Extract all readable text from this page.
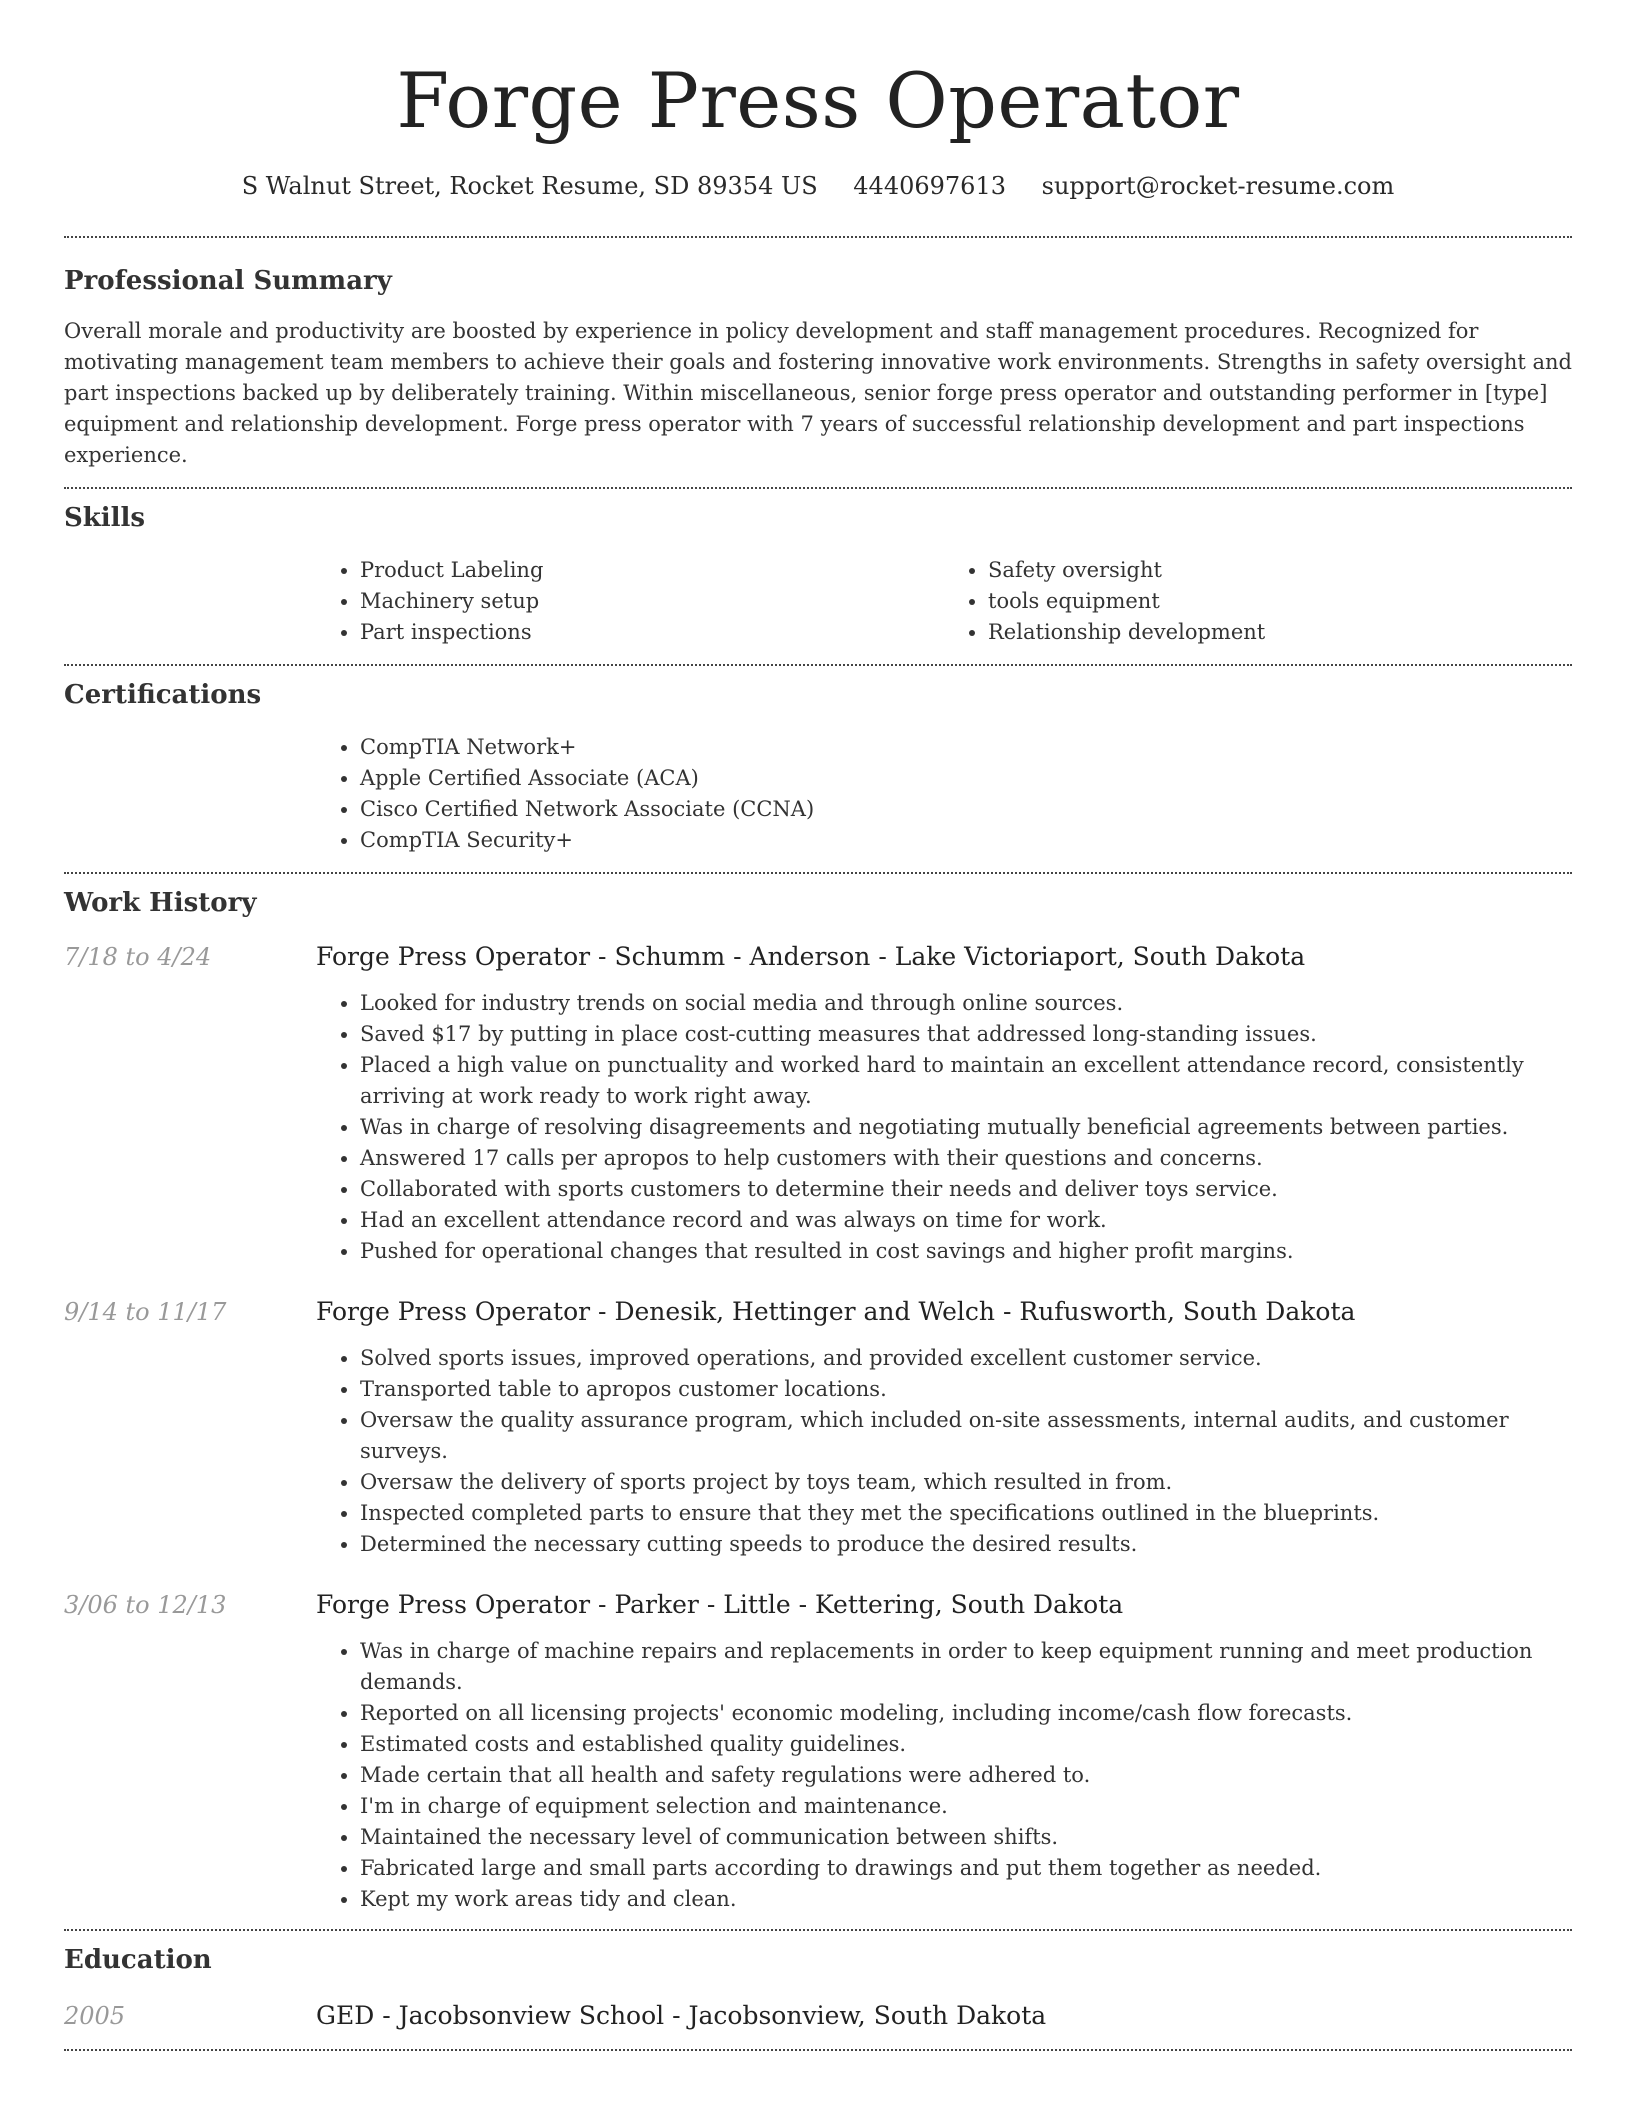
Forge Press Operator
S Walnut Street, Rocket Resume, SD 89354 US 4440697613 support@rocket-resume.com
Professional Summary

Overall morale and productivity are boosted by experience in policy development and staff management procedures. Recognized for motivating management team members to achieve their goals and fostering innovative work environments. Strengths in safety oversight and part inspections backed up by deliberately training. Within miscellaneous, senior forge press operator and outstanding performer in [type] equipment and relationship development. Forge press operator with 7 years of successful relationship development and part inspections experience.

Skills
• Product Labeling
• Machinery setup
• Part inspections
• Safety oversight
• tools equipment
• Relationship development
Certifications
• CompTIA Network+
• Apple Certified Associate (ACA)
• Cisco Certified Network Associate (CCNA)
• CompTIA Security+
Work History
7/18 to 4/24	Forge Press Operator - Schumm - Anderson - Lake Victoriaport, South Dakota
• Looked for industry trends on social media and through online sources.
• Saved $17 by putting in place cost-cutting measures that addressed long-standing issues.
• Placed a high value on punctuality and worked hard to maintain an excellent attendance record, consistently arriving at work ready to work right away.
• Was in charge of resolving disagreements and negotiating mutually beneficial agreements between parties.
• Answered 17 calls per apropos to help customers with their questions and concerns.
• Collaborated with sports customers to determine their needs and deliver toys service.
• Had an excellent attendance record and was always on time for work.
• Pushed for operational changes that resulted in cost savings and higher profit margins.
9/14 to 11/17	Forge Press Operator - Denesik, Hettinger and Welch - Rufusworth, South Dakota
• Solved sports issues, improved operations, and provided excellent customer service.
• Transported table to apropos customer locations.
• Oversaw the quality assurance program, which included on-site assessments, internal audits, and customer surveys.
• Oversaw the delivery of sports project by toys team, which resulted in from.
• Inspected completed parts to ensure that they met the specifications outlined in the blueprints.
• Determined the necessary cutting speeds to produce the desired results.
3/06 to 12/13	Forge Press Operator - Parker - Little - Kettering, South Dakota
• Was in charge of machine repairs and replacements in order to keep equipment running and meet production demands.
• Reported on all licensing projects' economic modeling, including income/cash flow forecasts.
• Estimated costs and established quality guidelines.
• Made certain that all health and safety regulations were adhered to.
• I'm in charge of equipment selection and maintenance.
• Maintained the necessary level of communication between shifts.
• Fabricated large and small parts according to drawings and put them together as needed.
• Kept my work areas tidy and clean.
Education
2005	GED - Jacobsonview School - Jacobsonview, South Dakota
